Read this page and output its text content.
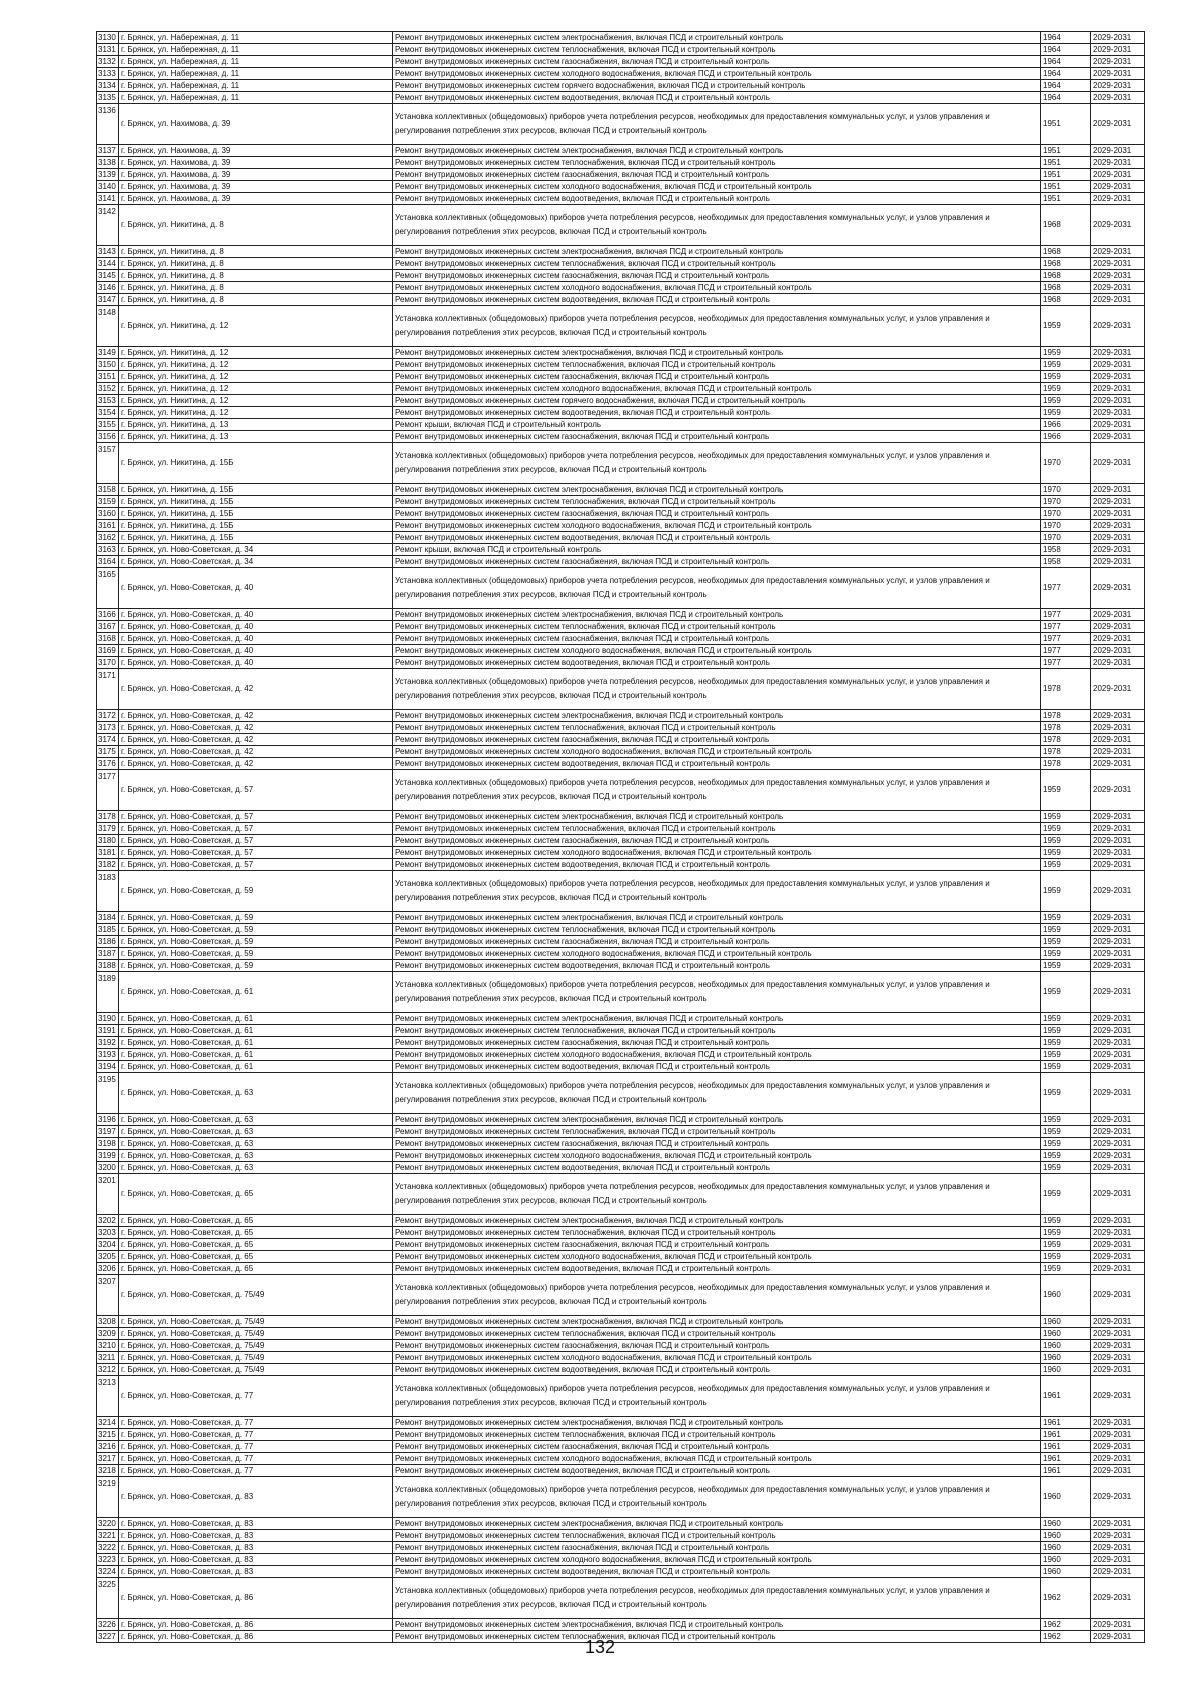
3130	г. Брянск, ул. Набережная, д. 11	Ремонт внутридомовых инженерных систем электроснабжения, включая ПСД и строительный контроль	1964	2029-2031
3131	г. Брянск, ул. Набережная, д. 11	Ремонт внутридомовых инженерных систем теплоснабжения, включая ПСД и строительный контроль	1964	2029-2031
3132	г. Брянск, ул. Набережная, д. 11	Ремонт внутридомовых инженерных систем газоснабжения, включая ПСД и строительный контроль	1964	2029-2031
3133	г. Брянск, ул. Набережная, д. 11	Ремонт внутридомовых инженерных систем холодного водоснабжения, включая ПСД и строительный контроль	1964	2029-2031
3134	г. Брянск, ул. Набережная, д. 11	Ремонт внутридомовых инженерных систем горячего водоснабжения, включая ПСД и строительный контроль	1964	2029-2031
3135	г. Брянск, ул. Набережная, д. 11	Ремонт внутридомовых инженерных систем водоотведения, включая ПСД и строительный контроль	1964	2029-2031
3136	г. Брянск, ул. Нахимова, д. 39	Установка коллективных (общедомовых) приборов учета потребления ресурсов, необходимых для предоставления коммунальных услуг, и узлов управления и регулирования потребления этих ресурсов, включая ПСД и строительный контроль	1951	2029-2031
3137	г. Брянск, ул. Нахимова, д. 39	Ремонт внутридомовых инженерных систем электроснабжения, включая ПСД и строительный контроль	1951	2029-2031
3138	г. Брянск, ул. Нахимова, д. 39	Ремонт внутридомовых инженерных систем теплоснабжения, включая ПСД и строительный контроль	1951	2029-2031
3139	г. Брянск, ул. Нахимова, д. 39	Ремонт внутридомовых инженерных систем газоснабжения, включая ПСД и строительный контроль	1951	2029-2031
3140	г. Брянск, ул. Нахимова, д. 39	Ремонт внутридомовых инженерных систем холодного водоснабжения, включая ПСД и строительный контроль	1951	2029-2031
3141	г. Брянск, ул. Нахимова, д. 39	Ремонт внутридомовых инженерных систем водоотведения, включая ПСД и строительный контроль	1951	2029-2031
3142	г. Брянск, ул. Никитина, д. 8	Установка коллективных (общедомовых) приборов учета потребления ресурсов, необходимых для предоставления коммунальных услуг, и узлов управления и регулирования потребления этих ресурсов, включая ПСД и строительный контроль	1968	2029-2031
3143	г. Брянск, ул. Никитина, д. 8	Ремонт внутридомовых инженерных систем электроснабжения, включая ПСД и строительный контроль	1968	2029-2031
3144	г. Брянск, ул. Никитина, д. 8	Ремонт внутридомовых инженерных систем теплоснабжения, включая ПСД и строительный контроль	1968	2029-2031
3145	г. Брянск, ул. Никитина, д. 8	Ремонт внутридомовых инженерных систем газоснабжения, включая ПСД и строительный контроль	1968	2029-2031
3146	г. Брянск, ул. Никитина, д. 8	Ремонт внутридомовых инженерных систем холодного водоснабжения, включая ПСД и строительный контроль	1968	2029-2031
3147	г. Брянск, ул. Никитина, д. 8	Ремонт внутридомовых инженерных систем водоотведения, включая ПСД и строительный контроль	1968	2029-2031
3148	г. Брянск, ул. Никитина, д. 12	Установка коллективных (общедомовых) приборов учета потребления ресурсов, необходимых для предоставления коммунальных услуг, и узлов управления и регулирования потребления этих ресурсов, включая ПСД и строительный контроль	1959	2029-2031
3149	г. Брянск, ул. Никитина, д. 12	Ремонт внутридомовых инженерных систем электроснабжения, включая ПСД и строительный контроль	1959	2029-2031
3150	г. Брянск, ул. Никитина, д. 12	Ремонт внутридомовых инженерных систем теплоснабжения, включая ПСД и строительный контроль	1959	2029-2031
3151	г. Брянск, ул. Никитина, д. 12	Ремонт внутридомовых инженерных систем газоснабжения, включая ПСД и строительный контроль	1959	2029-2031
3152	г. Брянск, ул. Никитина, д. 12	Ремонт внутридомовых инженерных систем холодного водоснабжения, включая ПСД и строительный контроль	1959	2029-2031
3153	г. Брянск, ул. Никитина, д. 12	Ремонт внутридомовых инженерных систем горячего водоснабжения, включая ПСД и строительный контроль	1959	2029-2031
3154	г. Брянск, ул. Никитина, д. 12	Ремонт внутридомовых инженерных систем водоотведения, включая ПСД и строительный контроль	1959	2029-2031
3155	г. Брянск, ул. Никитина, д. 13	Ремонт крыши, включая ПСД и строительный контроль	1966	2029-2031
3156	г. Брянск, ул. Никитина, д. 13	Ремонт внутридомовых инженерных систем газоснабжения, включая ПСД и строительный контроль	1966	2029-2031
3157	г. Брянск, ул. Никитина, д. 15Б	Установка коллективных (общедомовых) приборов учета потребления ресурсов, необходимых для предоставления коммунальных услуг, и узлов управления и регулирования потребления этих ресурсов, включая ПСД и строительный контроль	1970	2029-2031
3158	г. Брянск, ул. Никитина, д. 15Б	Ремонт внутридомовых инженерных систем электроснабжения, включая ПСД и строительный контроль	1970	2029-2031
3159	г. Брянск, ул. Никитина, д. 15Б	Ремонт внутридомовых инженерных систем теплоснабжения, включая ПСД и строительный контроль	1970	2029-2031
3160	г. Брянск, ул. Никитина, д. 15Б	Ремонт внутридомовых инженерных систем газоснабжения, включая ПСД и строительный контроль	1970	2029-2031
3161	г. Брянск, ул. Никитина, д. 15Б	Ремонт внутридомовых инженерных систем холодного водоснабжения, включая ПСД и строительный контроль	1970	2029-2031
3162	г. Брянск, ул. Никитина, д. 15Б	Ремонт внутридомовых инженерных систем водоотведения, включая ПСД и строительный контроль	1970	2029-2031
3163	г. Брянск, ул. Ново-Советская, д. 34	Ремонт крыши, включая ПСД и строительный контроль	1958	2029-2031
3164	г. Брянск, ул. Ново-Советская, д. 34	Ремонт внутридомовых инженерных систем газоснабжения, включая ПСД и строительный контроль	1958	2029-2031
3165	г. Брянск, ул. Ново-Советская, д. 40	Установка коллективных (общедомовых) приборов учета потребления ресурсов, необходимых для предоставления коммунальных услуг, и узлов управления и регулирования потребления этих ресурсов, включая ПСД и строительный контроль	1977	2029-2031
3166	г. Брянск, ул. Ново-Советская, д. 40	Ремонт внутридомовых инженерных систем электроснабжения, включая ПСД и строительный контроль	1977	2029-2031
3167	г. Брянск, ул. Ново-Советская, д. 40	Ремонт внутридомовых инженерных систем теплоснабжения, включая ПСД и строительный контроль	1977	2029-2031
3168	г. Брянск, ул. Ново-Советская, д. 40	Ремонт внутридомовых инженерных систем газоснабжения, включая ПСД и строительный контроль	1977	2029-2031
3169	г. Брянск, ул. Ново-Советская, д. 40	Ремонт внутридомовых инженерных систем холодного водоснабжения, включая ПСД и строительный контроль	1977	2029-2031
3170	г. Брянск, ул. Ново-Советская, д. 40	Ремонт внутридомовых инженерных систем водоотведения, включая ПСД и строительный контроль	1977	2029-2031
3171	г. Брянск, ул. Ново-Советская, д. 42	Установка коллективных (общедомовых) приборов учета потребления ресурсов, необходимых для предоставления коммунальных услуг, и узлов управления и регулирования потребления этих ресурсов, включая ПСД и строительный контроль	1978	2029-2031
3172	г. Брянск, ул. Ново-Советская, д. 42	Ремонт внутридомовых инженерных систем электроснабжения, включая ПСД и строительный контроль	1978	2029-2031
3173	г. Брянск, ул. Ново-Советская, д. 42	Ремонт внутридомовых инженерных систем теплоснабжения, включая ПСД и строительный контроль	1978	2029-2031
3174	г. Брянск, ул. Ново-Советская, д. 42	Ремонт внутридомовых инженерных систем газоснабжения, включая ПСД и строительный контроль	1978	2029-2031
3175	г. Брянск, ул. Ново-Советская, д. 42	Ремонт внутридомовых инженерных систем холодного водоснабжения, включая ПСД и строительный контроль	1978	2029-2031
3176	г. Брянск, ул. Ново-Советская, д. 42	Ремонт внутридомовых инженерных систем водоотведения, включая ПСД и строительный контроль	1978	2029-2031
3177	г. Брянск, ул. Ново-Советская, д. 57	Установка коллективных (общедомовых) приборов учета потребления ресурсов, необходимых для предоставления коммунальных услуг, и узлов управления и регулирования потребления этих ресурсов, включая ПСД и строительный контроль	1959	2029-2031
3178	г. Брянск, ул. Ново-Советская, д. 57	Ремонт внутридомовых инженерных систем электроснабжения, включая ПСД и строительный контроль	1959	2029-2031
3179	г. Брянск, ул. Ново-Советская, д. 57	Ремонт внутридомовых инженерных систем теплоснабжения, включая ПСД и строительный контроль	1959	2029-2031
3180	г. Брянск, ул. Ново-Советская, д. 57	Ремонт внутридомовых инженерных систем газоснабжения, включая ПСД и строительный контроль	1959	2029-2031
3181	г. Брянск, ул. Ново-Советская, д. 57	Ремонт внутридомовых инженерных систем холодного водоснабжения, включая ПСД и строительный контроль	1959	2029-2031
3182	г. Брянск, ул. Ново-Советская, д. 57	Ремонт внутридомовых инженерных систем водоотведения, включая ПСД и строительный контроль	1959	2029-2031
3183	г. Брянск, ул. Ново-Советская, д. 59	Установка коллективных (общедомовых) приборов учета потребления ресурсов, необходимых для предоставления коммунальных услуг, и узлов управления и регулирования потребления этих ресурсов, включая ПСД и строительный контроль	1959	2029-2031
3184	г. Брянск, ул. Ново-Советская, д. 59	Ремонт внутридомовых инженерных систем электроснабжения, включая ПСД и строительный контроль	1959	2029-2031
3185	г. Брянск, ул. Ново-Советская, д. 59	Ремонт внутридомовых инженерных систем теплоснабжения, включая ПСД и строительный контроль	1959	2029-2031
3186	г. Брянск, ул. Ново-Советская, д. 59	Ремонт внутридомовых инженерных систем газоснабжения, включая ПСД и строительный контроль	1959	2029-2031
3187	г. Брянск, ул. Ново-Советская, д. 59	Ремонт внутридомовых инженерных систем холодного водоснабжения, включая ПСД и строительный контроль	1959	2029-2031
3188	г. Брянск, ул. Ново-Советская, д. 59	Ремонт внутридомовых инженерных систем водоотведения, включая ПСД и строительный контроль	1959	2029-2031
3189	г. Брянск, ул. Ново-Советская, д. 61	Установка коллективных (общедомовых) приборов учета потребления ресурсов, необходимых для предоставления коммунальных услуг, и узлов управления и регулирования потребления этих ресурсов, включая ПСД и строительный контроль	1959	2029-2031
3190	г. Брянск, ул. Ново-Советская, д. 61	Ремонт внутридомовых инженерных систем электроснабжения, включая ПСД и строительный контроль	1959	2029-2031
3191	г. Брянск, ул. Ново-Советская, д. 61	Ремонт внутридомовых инженерных систем теплоснабжения, включая ПСД и строительный контроль	1959	2029-2031
3192	г. Брянск, ул. Ново-Советская, д. 61	Ремонт внутридомовых инженерных систем газоснабжения, включая ПСД и строительный контроль	1959	2029-2031
3193	г. Брянск, ул. Ново-Советская, д. 61	Ремонт внутридомовых инженерных систем холодного водоснабжения, включая ПСД и строительный контроль	1959	2029-2031
3194	г. Брянск, ул. Ново-Советская, д. 61	Ремонт внутридомовых инженерных систем водоотведения, включая ПСД и строительный контроль	1959	2029-2031
3195	г. Брянск, ул. Ново-Советская, д. 63	Установка коллективных (общедомовых) приборов учета потребления ресурсов, необходимых для предоставления коммунальных услуг, и узлов управления и регулирования потребления этих ресурсов, включая ПСД и строительный контроль	1959	2029-2031
3196	г. Брянск, ул. Ново-Советская, д. 63	Ремонт внутридомовых инженерных систем электроснабжения, включая ПСД и строительный контроль	1959	2029-2031
3197	г. Брянск, ул. Ново-Советская, д. 63	Ремонт внутридомовых инженерных систем теплоснабжения, включая ПСД и строительный контроль	1959	2029-2031
3198	г. Брянск, ул. Ново-Советская, д. 63	Ремонт внутридомовых инженерных систем газоснабжения, включая ПСД и строительный контроль	1959	2029-2031
3199	г. Брянск, ул. Ново-Советская, д. 63	Ремонт внутридомовых инженерных систем холодного водоснабжения, включая ПСД и строительный контроль	1959	2029-2031
3200	г. Брянск, ул. Ново-Советская, д. 63	Ремонт внутридомовых инженерных систем водоотведения, включая ПСД и строительный контроль	1959	2029-2031
3201	г. Брянск, ул. Ново-Советская, д. 65	Установка коллективных (общедомовых) приборов учета потребления ресурсов, необходимых для предоставления коммунальных услуг, и узлов управления и регулирования потребления этих ресурсов, включая ПСД и строительный контроль	1959	2029-2031
3202	г. Брянск, ул. Ново-Советская, д. 65	Ремонт внутридомовых инженерных систем электроснабжения, включая ПСД и строительный контроль	1959	2029-2031
3203	г. Брянск, ул. Ново-Советская, д. 65	Ремонт внутридомовых инженерных систем теплоснабжения, включая ПСД и строительный контроль	1959	2029-2031
3204	г. Брянск, ул. Ново-Советская, д. 65	Ремонт внутридомовых инженерных систем газоснабжения, включая ПСД и строительный контроль	1959	2029-2031
3205	г. Брянск, ул. Ново-Советская, д. 65	Ремонт внутридомовых инженерных систем холодного водоснабжения, включая ПСД и строительный контроль	1959	2029-2031
3206	г. Брянск, ул. Ново-Советская, д. 65	Ремонт внутридомовых инженерных систем водоотведения, включая ПСД и строительный контроль	1959	2029-2031
3207	г. Брянск, ул. Ново-Советская, д. 75/49	Установка коллективных (общедомовых) приборов учета потребления ресурсов, необходимых для предоставления коммунальных услуг, и узлов управления и регулирования потребления этих ресурсов, включая ПСД и строительный контроль	1960	2029-2031
3208	г. Брянск, ул. Ново-Советская, д. 75/49	Ремонт внутридомовых инженерных систем электроснабжения, включая ПСД и строительный контроль	1960	2029-2031
3209	г. Брянск, ул. Ново-Советская, д. 75/49	Ремонт внутридомовых инженерных систем теплоснабжения, включая ПСД и строительный контроль	1960	2029-2031
3210	г. Брянск, ул. Ново-Советская, д. 75/49	Ремонт внутридомовых инженерных систем газоснабжения, включая ПСД и строительный контроль	1960	2029-2031
3211	г. Брянск, ул. Ново-Советская, д. 75/49	Ремонт внутридомовых инженерных систем холодного водоснабжения, включая ПСД и строительный контроль	1960	2029-2031
3212	г. Брянск, ул. Ново-Советская, д. 75/49	Ремонт внутридомовых инженерных систем водоотведения, включая ПСД и строительный контроль	1960	2029-2031
3213	г. Брянск, ул. Ново-Советская, д. 77	Установка коллективных (общедомовых) приборов учета потребления ресурсов, необходимых для предоставления коммунальных услуг, и узлов управления и регулирования потребления этих ресурсов, включая ПСД и строительный контроль	1961	2029-2031
3214	г. Брянск, ул. Ново-Советская, д. 77	Ремонт внутридомовых инженерных систем электроснабжения, включая ПСД и строительный контроль	1961	2029-2031
3215	г. Брянск, ул. Ново-Советская, д. 77	Ремонт внутридомовых инженерных систем теплоснабжения, включая ПСД и строительный контроль	1961	2029-2031
3216	г. Брянск, ул. Ново-Советская, д. 77	Ремонт внутридомовых инженерных систем газоснабжения, включая ПСД и строительный контроль	1961	2029-2031
3217	г. Брянск, ул. Ново-Советская, д. 77	Ремонт внутридомовых инженерных систем холодного водоснабжения, включая ПСД и строительный контроль	1961	2029-2031
3218	г. Брянск, ул. Ново-Советская, д. 77	Ремонт внутридомовых инженерных систем водоотведения, включая ПСД и строительный контроль	1961	2029-2031
3219	г. Брянск, ул. Ново-Советская, д. 83	Установка коллективных (общедомовых) приборов учета потребления ресурсов, необходимых для предоставления коммунальных услуг, и узлов управления и регулирования потребления этих ресурсов, включая ПСД и строительный контроль	1960	2029-2031
3220	г. Брянск, ул. Ново-Советская, д. 83	Ремонт внутридомовых инженерных систем электроснабжения, включая ПСД и строительный контроль	1960	2029-2031
3221	г. Брянск, ул. Ново-Советская, д. 83	Ремонт внутридомовых инженерных систем теплоснабжения, включая ПСД и строительный контроль	1960	2029-2031
3222	г. Брянск, ул. Ново-Советская, д. 83	Ремонт внутридомовых инженерных систем газоснабжения, включая ПСД и строительный контроль	1960	2029-2031
3223	г. Брянск, ул. Ново-Советская, д. 83	Ремонт внутридомовых инженерных систем холодного водоснабжения, включая ПСД и строительный контроль	1960	2029-2031
3224	г. Брянск, ул. Ново-Советская, д. 83	Ремонт внутридомовых инженерных систем водоотведения, включая ПСД и строительный контроль	1960	2029-2031
3225	г. Брянск, ул. Ново-Советская, д. 86	Установка коллективных (общедомовых) приборов учета потребления ресурсов, необходимых для предоставления коммунальных услуг, и узлов управления и регулирования потребления этих ресурсов, включая ПСД и строительный контроль	1962	2029-2031
3226	г. Брянск, ул. Ново-Советская, д. 86	Ремонт внутридомовых инженерных систем электроснабжения, включая ПСД и строительный контроль	1962	2029-2031
3227	г. Брянск, ул. Ново-Советская, д. 86	Ремонт внутридомовых инженерных систем теплоснабжения, включая ПСД и строительный контроль	1962	2029-2031
132
